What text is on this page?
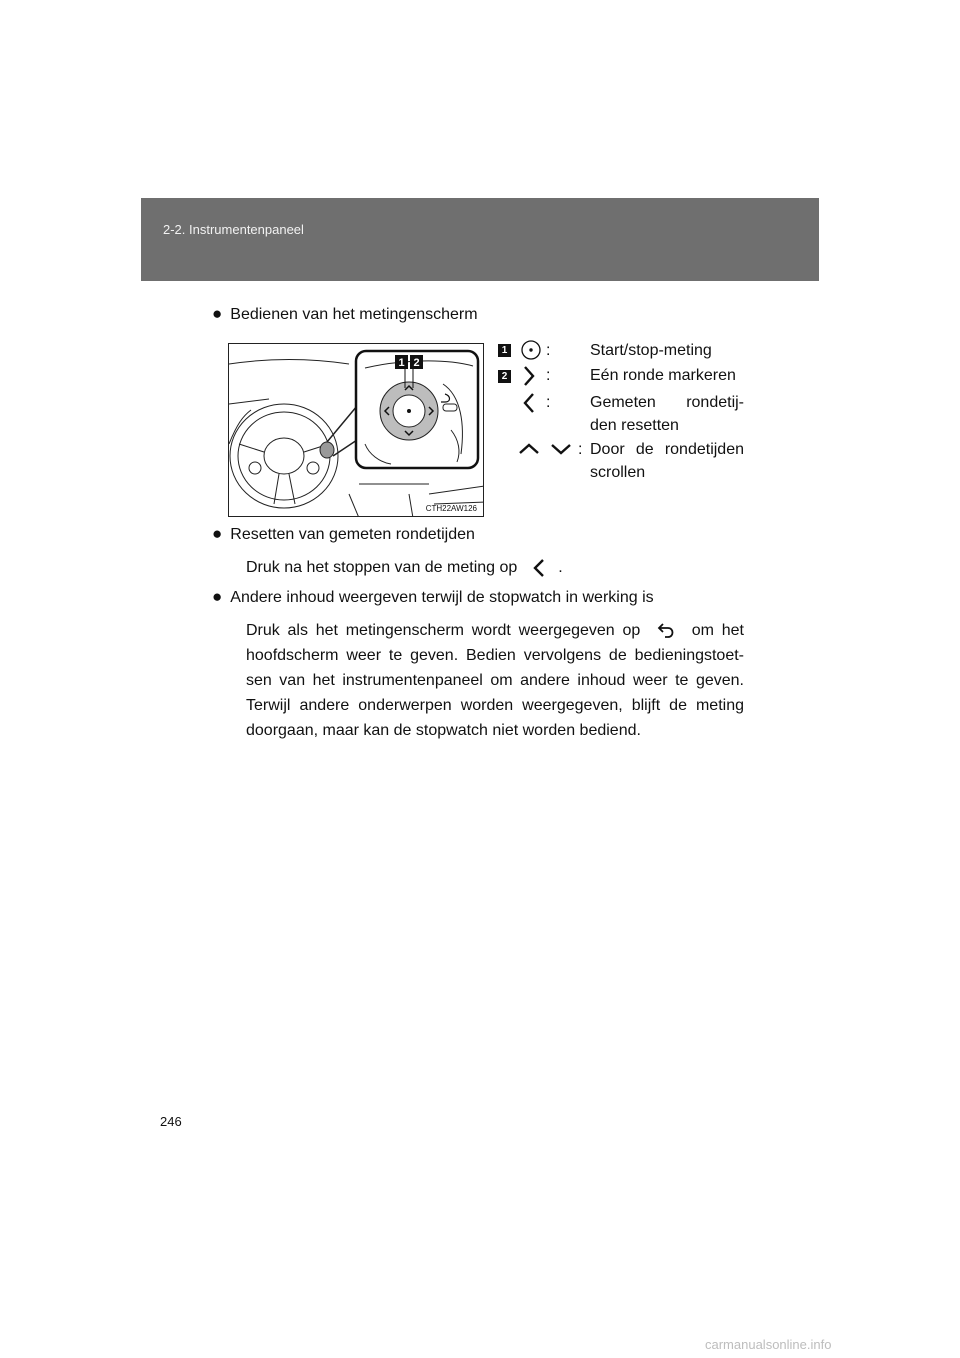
2-2. Instrumentenpaneel
● Bedienen van het metingenscherm
1 2
CTH22AW126
1 : Start/stop-meting
2 : Eén ronde markeren
: Gemeten rondetij-den resetten
: Door de rondetijden scrollen
● Resetten van gemeten rondetijden
Druk na het stoppen van de meting op	.
● Andere inhoud weergeven terwijl de stopwatch in werking is
Druk als het metingenscherm wordt weergegeven op	om het hoofdscherm weer te geven. Bedien vervolgens de bedieningstoet-sen van het instrumentenpaneel om andere inhoud weer te geven. Terwijl andere onderwerpen worden weergegeven, blijft de meting doorgaan, maar kan de stopwatch niet worden bediend.
246
carmanualsonline.info
